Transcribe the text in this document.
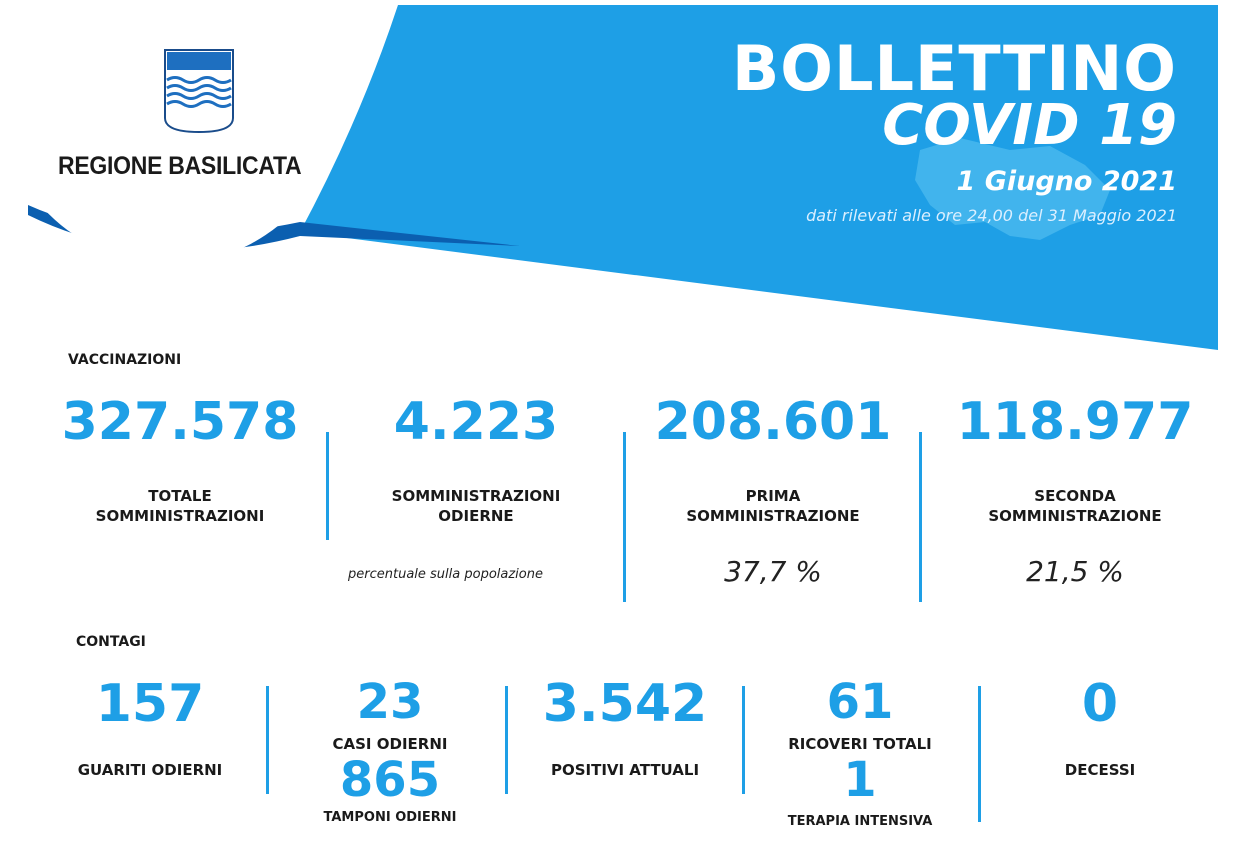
REGIONE BASILICATA
BOLLETTINO
COVID 19
1 Giugno 2021
dati rilevati alle ore 24,00 del 31 Maggio 2021
VACCINAZIONI
327.578
TOTALE
SOMMINISTRAZIONI
4.223
SOMMINISTRAZIONI
ODIERNE
percentuale sulla popolazione
208.601
PRIMA
SOMMINISTRAZIONE
37,7 %
118.977
SECONDA
SOMMINISTRAZIONE
21,5 %
CONTAGI
157
GUARITI ODIERNI
23
CASI ODIERNI
865
TAMPONI ODIERNI
3.542
POSITIVI ATTUALI
61
RICOVERI TOTALI
1
TERAPIA INTENSIVA
0
DECESSI
